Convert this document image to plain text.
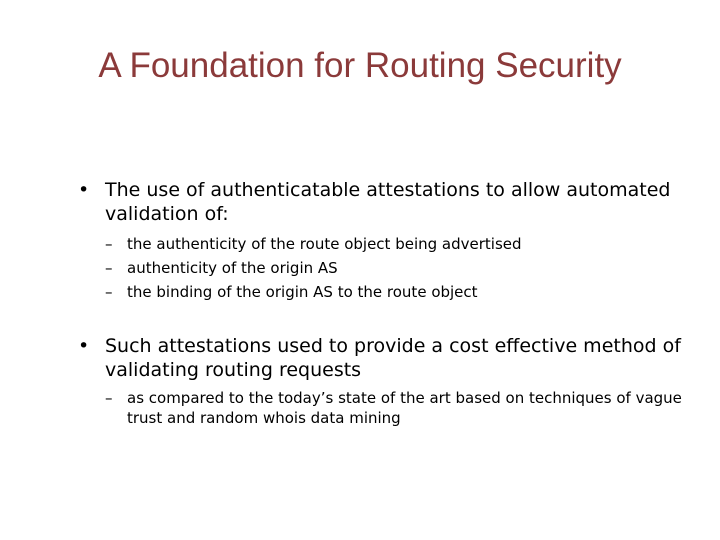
A Foundation for Routing Security
• The use of authenticatable attestations to allow automated validation of:
– the authenticity of the route object being advertised
– authenticity of the origin AS
– the binding of the origin AS to the route object
• Such attestations used to provide a cost effective method of validating routing requests
– as compared to the today’s state of the art based on techniques of vague trust and random whois data mining
